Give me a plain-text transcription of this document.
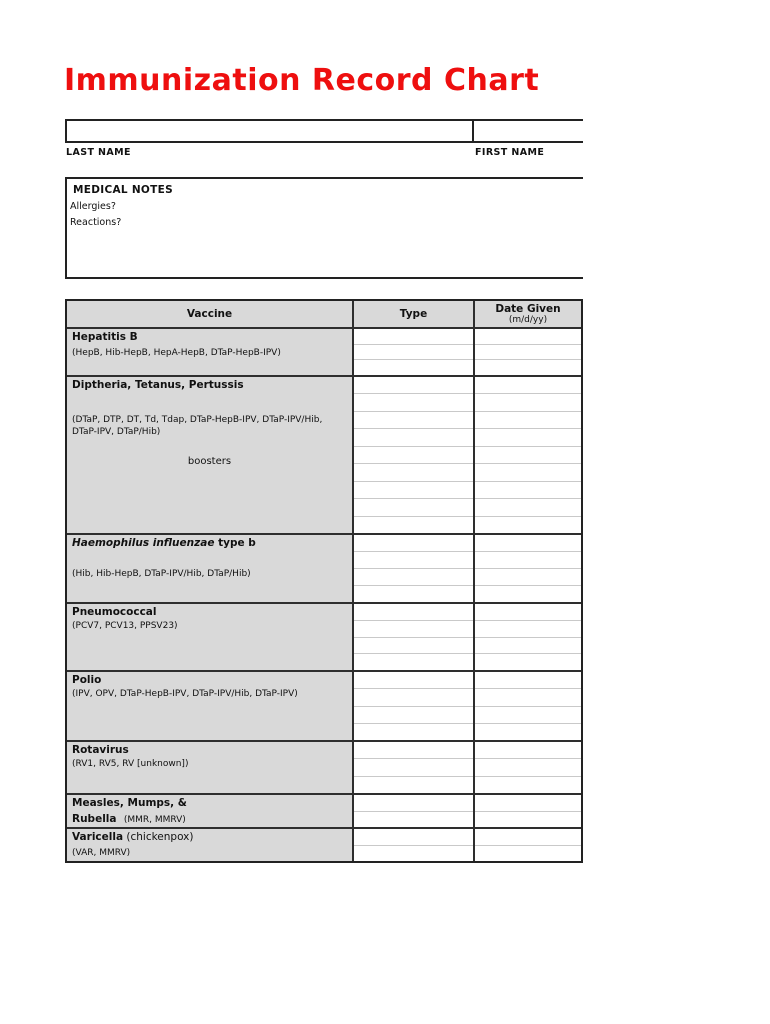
Immunization Record Chart
LAST NAME	FIRST NAME
MEDICAL NOTES
Allergies?
Reactions?
Vaccine	Type	Date Given
(m/d/yy)
Hepatitis B
(HepB, Hib-HepB, HepA-HepB, DTaP-HepB-IPV)
Diptheria, Tetanus, Pertussis
(DTaP, DTP, DT, Td, Tdap, DTaP-HepB-IPV, DTaP-IPV/Hib, DTaP-IPV, DTaP/Hib)
boosters
Haemophilus influenzae type b
(Hib, Hib-HepB, DTaP-IPV/Hib, DTaP/Hib)
Pneumococcal
(PCV7, PCV13, PPSV23)
Polio
(IPV, OPV, DTaP-HepB-IPV, DTaP-IPV/Hib, DTaP-IPV)
Rotavirus
(RV1, RV5, RV [unknown])
Measles, Mumps, &
Rubella  (MMR, MMRV)
Varicella (chickenpox)
(VAR, MMRV)
